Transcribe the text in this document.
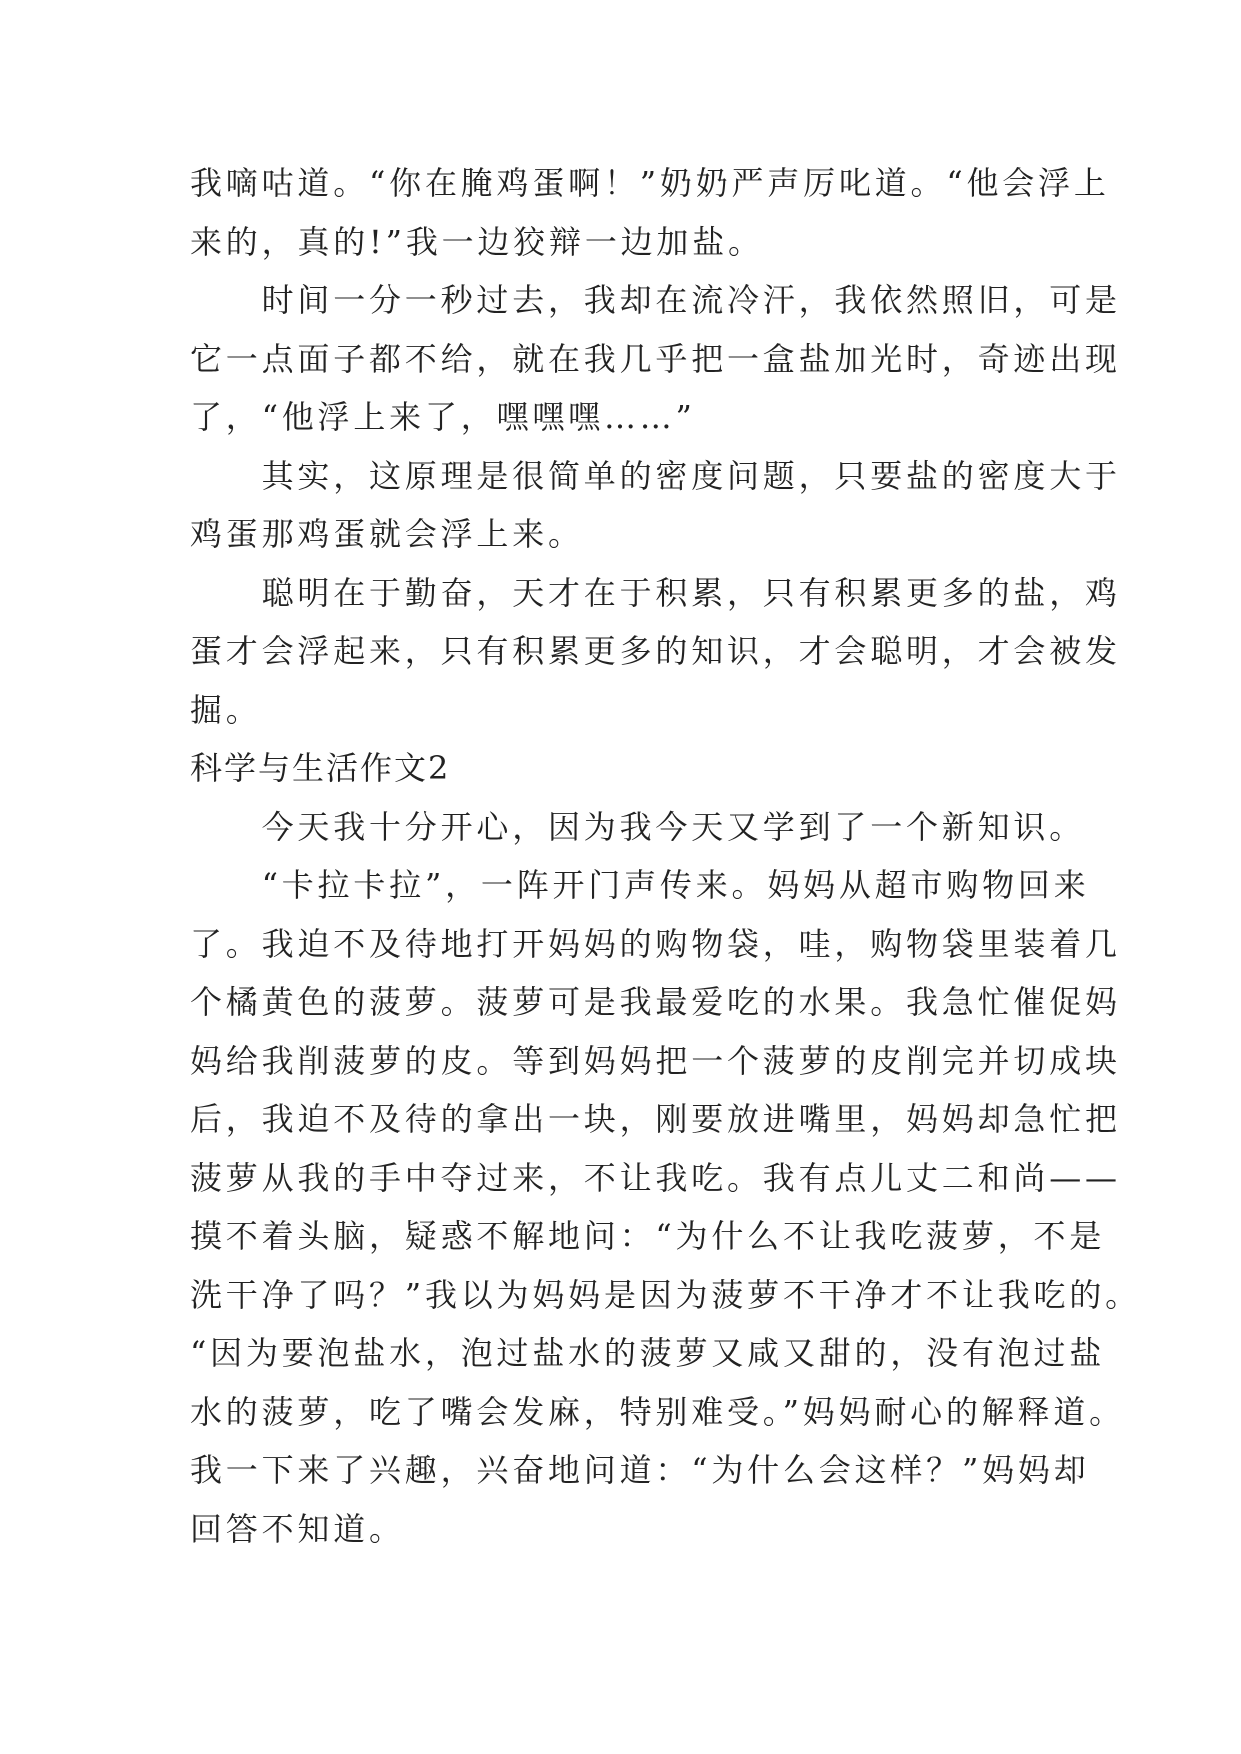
我嘀咕道。“你在腌鸡蛋啊！”奶奶严声厉叱道。“他会浮上
来的，真的!”我一边狡辩一边加盐。
　　时间一分一秒过去，我却在流冷汗，我依然照旧，可是
它一点面子都不给，就在我几乎把一盒盐加光时，奇迹出现
了，“他浮上来了，嘿嘿嘿……”
　　其实，这原理是很简单的密度问题，只要盐的密度大于
鸡蛋那鸡蛋就会浮上来。
　　聪明在于勤奋，天才在于积累，只有积累更多的盐，鸡
蛋才会浮起来，只有积累更多的知识，才会聪明，才会被发
掘。
科学与生活作文2
　　今天我十分开心，因为我今天又学到了一个新知识。
　　“卡拉卡拉”，一阵开门声传来。妈妈从超市购物回来
了。我迫不及待地打开妈妈的购物袋，哇，购物袋里装着几
个橘黄色的菠萝。菠萝可是我最爱吃的水果。我急忙催促妈
妈给我削菠萝的皮。等到妈妈把一个菠萝的皮削完并切成块
后，我迫不及待的拿出一块，刚要放进嘴里，妈妈却急忙把
菠萝从我的手中夺过来，不让我吃。我有点儿丈二和尚——
摸不着头脑，疑惑不解地问：“为什么不让我吃菠萝，不是
洗干净了吗？”我以为妈妈是因为菠萝不干净才不让我吃的。
“因为要泡盐水，泡过盐水的菠萝又咸又甜的，没有泡过盐
水的菠萝，吃了嘴会发麻，特别难受。”妈妈耐心的解释道。
我一下来了兴趣，兴奋地问道：“为什么会这样？”妈妈却
回答不知道。
